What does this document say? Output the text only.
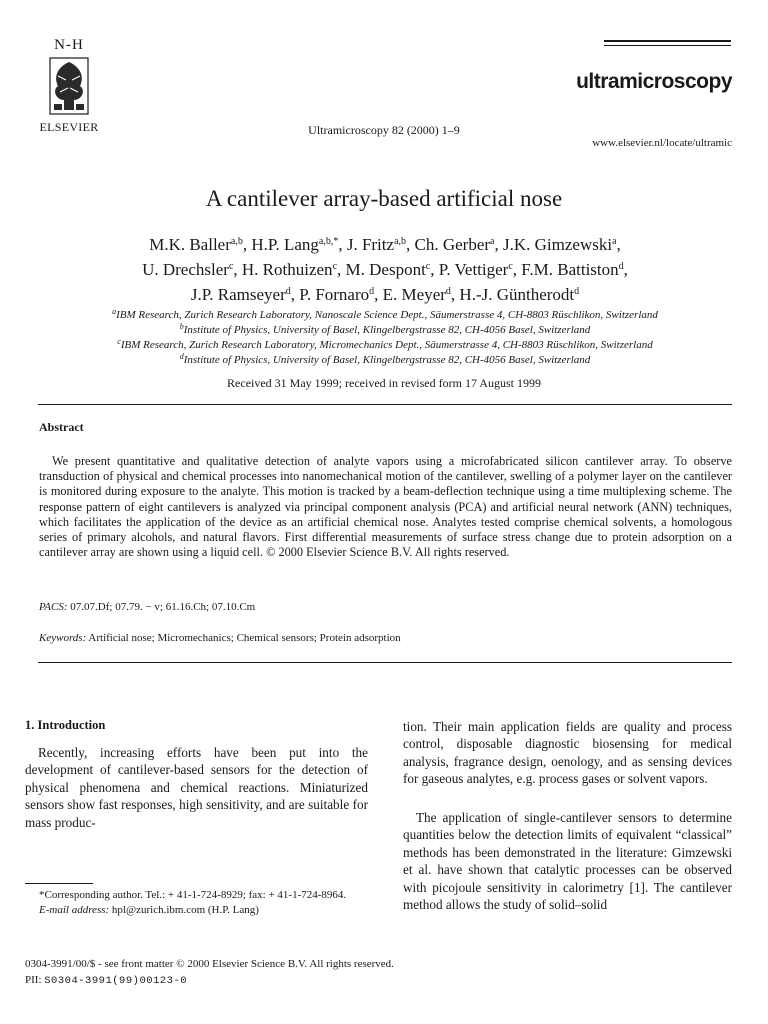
N-H
ELSEVIER	Ultramicroscopy 82 (2000) 1–9
ultramicroscopy
www.elsevier.nl/locate/ultramic
A cantilever array-based artificial nose
M.K. Baller$^{a,b}$, H.P. Lang$^{a,b,*}$, J. Fritz$^{a,b}$, Ch. Gerber$^a$, J.K. Gimzewski$^a$,
U. Drechsler$^c$, H. Rothuizen$^c$, M. Despont$^c$, P. Vettiger$^c$, F.M. Battiston$^d$,
J.P. Ramseyer$^d$, P. Fornaro$^d$, E. Meyer$^d$, H.-J. Güntherodt$^d$
$^a$IBM Research, Zurich Research Laboratory, Nanoscale Science Dept., Säumerstrasse 4, CH-8803 Rüschlikon, Switzerland
$^b$Institute of Physics, University of Basel, Klingelbergstrasse 82, CH-4056 Basel, Switzerland
$^c$IBM Research, Zurich Research Laboratory, Micromechanics Dept., Säumerstrasse 4, CH-8803 Rüschlikon, Switzerland
$^d$Institute of Physics, University of Basel, Klingelbergstrasse 82, CH-4056 Basel, Switzerland
Received 31 May 1999; received in revised form 17 August 1999
Abstract
We present quantitative and qualitative detection of analyte vapors using a microfabricated silicon cantilever array. To observe transduction of physical and chemical processes into nanomechanical motion of the cantilever, swelling of a polymer layer on the cantilever is monitored during exposure to the analyte. This motion is tracked by a beam-deflection technique using a time multiplexing scheme. The response pattern of eight cantilevers is analyzed via principal component analysis (PCA) and artificial neural network (ANN) techniques, which facilitates the application of the device as an artificial chemical nose. Analytes tested comprise chemical solvents, a homologous series of primary alcohols, and natural flavors. First differential measurements of surface stress change due to protein adsorption on a cantilever array are shown using a liquid cell. © 2000 Elsevier Science B.V. All rights reserved.
PACS: 07.07.Df; 07.79. − v; 61.16.Ch; 07.10.Cm
Keywords: Artificial nose; Micromechanics; Chemical sensors; Protein adsorption
1. Introduction
Recently, increasing efforts have been put into the development of cantilever-based sensors for the detection of physical phenomena and chemical reactions. Miniaturized sensors show fast responses, high sensitivity, and are suitable for mass produc-
tion. Their main application fields are quality and process control, disposable diagnostic biosensing for medical analysis, fragrance design, oenology, and as sensing devices for gaseous analytes, e.g. process gases or solvent vapors.
The application of single-cantilever sensors to determine quantities below the detection limits of equivalent “classical” methods has been demonstrated in the literature: Gimzewski et al. have shown that catalytic processes can be observed with picojoule sensitivity in calorimetry [1]. The cantilever method allows the study of solid–solid
*Corresponding author. Tel.: + 41-1-724-8929; fax: + 41-1-724-8964.
E-mail address: hpl@zurich.ibm.com (H.P. Lang)
0304-3991/00/$ - see front matter © 2000 Elsevier Science B.V. All rights reserved.
PII: S0304-3991(99)00123-0
